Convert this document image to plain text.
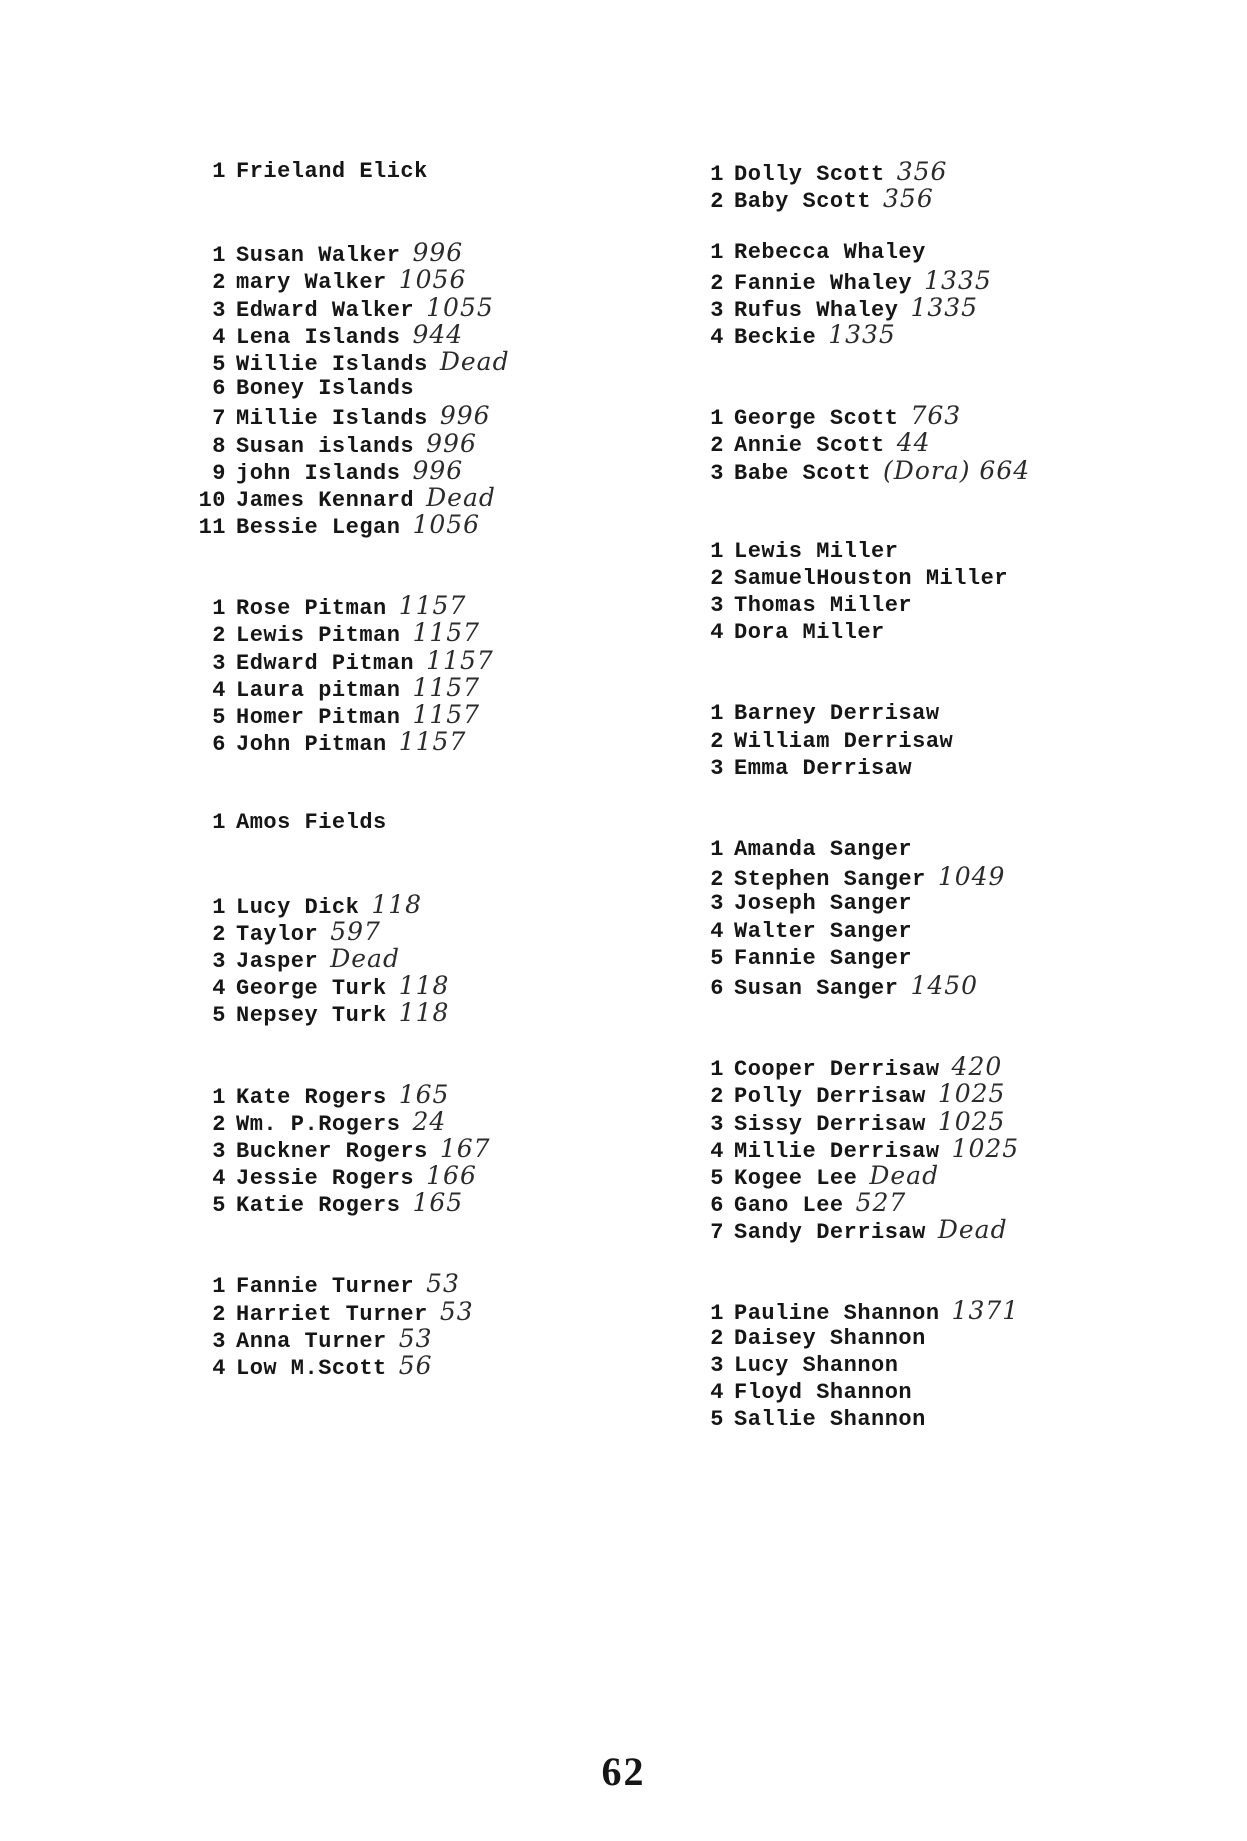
1 Frieland Elick
1 Susan Walker 996
2 mary Walker 1056
3 Edward Walker 1055
4 Lena Islands 944
5 Willie Islands Dead
6 Boney Islands
7 Millie Islands 996
8 Susan islands 996
9 john Islands 996
10 James Kennard Dead
11 Bessie Legan 1056
1 Rose Pitman 1157
2 Lewis Pitman 1157
3 Edward Pitman 1157
4 Laura pitman 1157
5 Homer Pitman 1157
6 John Pitman 1157
1 Amos Fields
1 Lucy Dick 118
2 Taylor 597
3 Jasper Dead
4 George Turk 118
5 Nepsey Turk 118
1 Kate Rogers 165
2 Wm. P.Rogers 24
3 Buckner Rogers 167
4 Jessie Rogers 166
5 Katie Rogers 165
1 Fannie Turner 53
2 Harriet Turner 53
3 Anna Turner 53
4 Low M.Scott 56
1 Dolly Scott 356
2 Baby Scott 356
1 Rebecca Whaley
2 Fannie Whaley 1335
3 Rufus Whaley 1335
4 Beckie 1335
1 George Scott 763
2 Annie Scott 44
3 Babe Scott (Dora) 664
1 Lewis Miller
2 SamuelHouston Miller
3 Thomas Miller
4 Dora Miller
1 Barney Derrisaw
2 William Derrisaw
3 Emma Derrisaw
1 Amanda Sanger
2 Stephen Sanger 1049
3 Joseph Sanger
4 Walter Sanger
5 Fannie Sanger
6 Susan Sanger 1450
1 Cooper Derrisaw 420
2 Polly Derrisaw 1025
3 Sissy Derrisaw 1025
4 Millie Derrisaw 1025
5 Kogee Lee Dead
6 Gano Lee 527
7 Sandy Derrisaw Dead
1 Pauline Shannon 1371
2 Daisey Shannon
3 Lucy Shannon
4 Floyd Shannon
5 Sallie Shannon
62
